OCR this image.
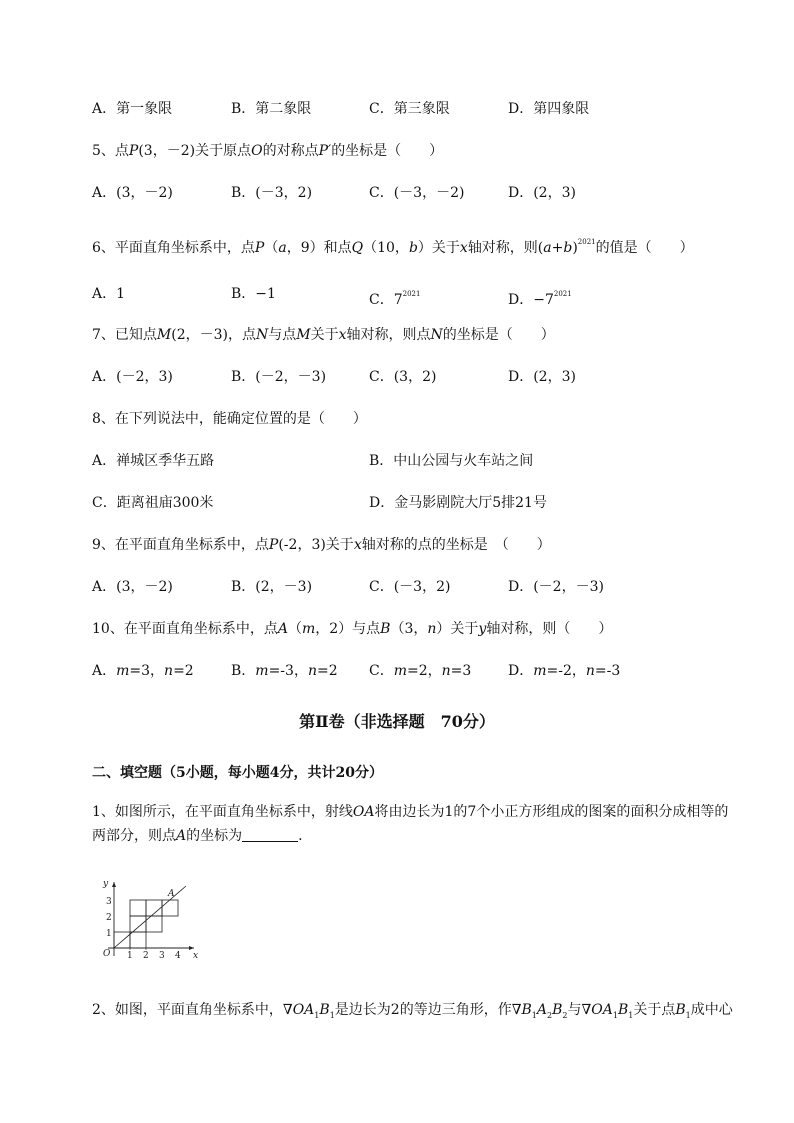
A．第一象限	B．第二象限	C．第三象限	D．第四象限
5、点P(3，－2)关于原点O的对称点P′的坐标是（　　）
A．(3，－2)	B．(－3，2)	C．(－3，－2)	D．(2，3)
6、平面直角坐标系中，点P（a，9）和点Q（10，b）关于x轴对称，则$(a+b)^{2021}$的值是（　　）
A．1	B．−1	C．$7^{2021}$	D．$-7^{2021}$
7、已知点M(2，－3)，点N与点M关于x轴对称，则点N的坐标是（　　）
A．(－2，3)	B．(－2，－3)	C．(3，2)	D．(2，3)
8、在下列说法中，能确定位置的是（　　）
A．禅城区季华五路	B．中山公园与火车站之间
C．距离祖庙300米	D．金马影剧院大厅5排21号
9、在平面直角坐标系中，点P(-2，3)关于x轴对称的点的坐标是　（　　）
A．(3，－2)	B．(2，－3)	C．(－3，2)	D．(－2，－3)
10、在平面直角坐标系中，点A（m，2）与点B（3，n）关于y轴对称，则（　　）
A．m=3，n=2	B．m=-3，n=2 C．m=2，n=3	D．m=-2，n=-3
第Ⅱ卷（非选择题　70分）
二、填空题（5小题，每小题4分，共计20分）
1、如图所示，在平面直角坐标系中，射线OA将由边长为1的7个小正方形组成的图案的面积分成相等的两部分，则点A的坐标为	.
y
x
O
A
1 2 3 4
1
2
3
2、如图，平面直角坐标系中，$\nabla OA_1B_1$是边长为2的等边三角形，作$\nabla B_1A_2B_2$与$\nabla OA_1B_1$关于点$B_1$成中心
